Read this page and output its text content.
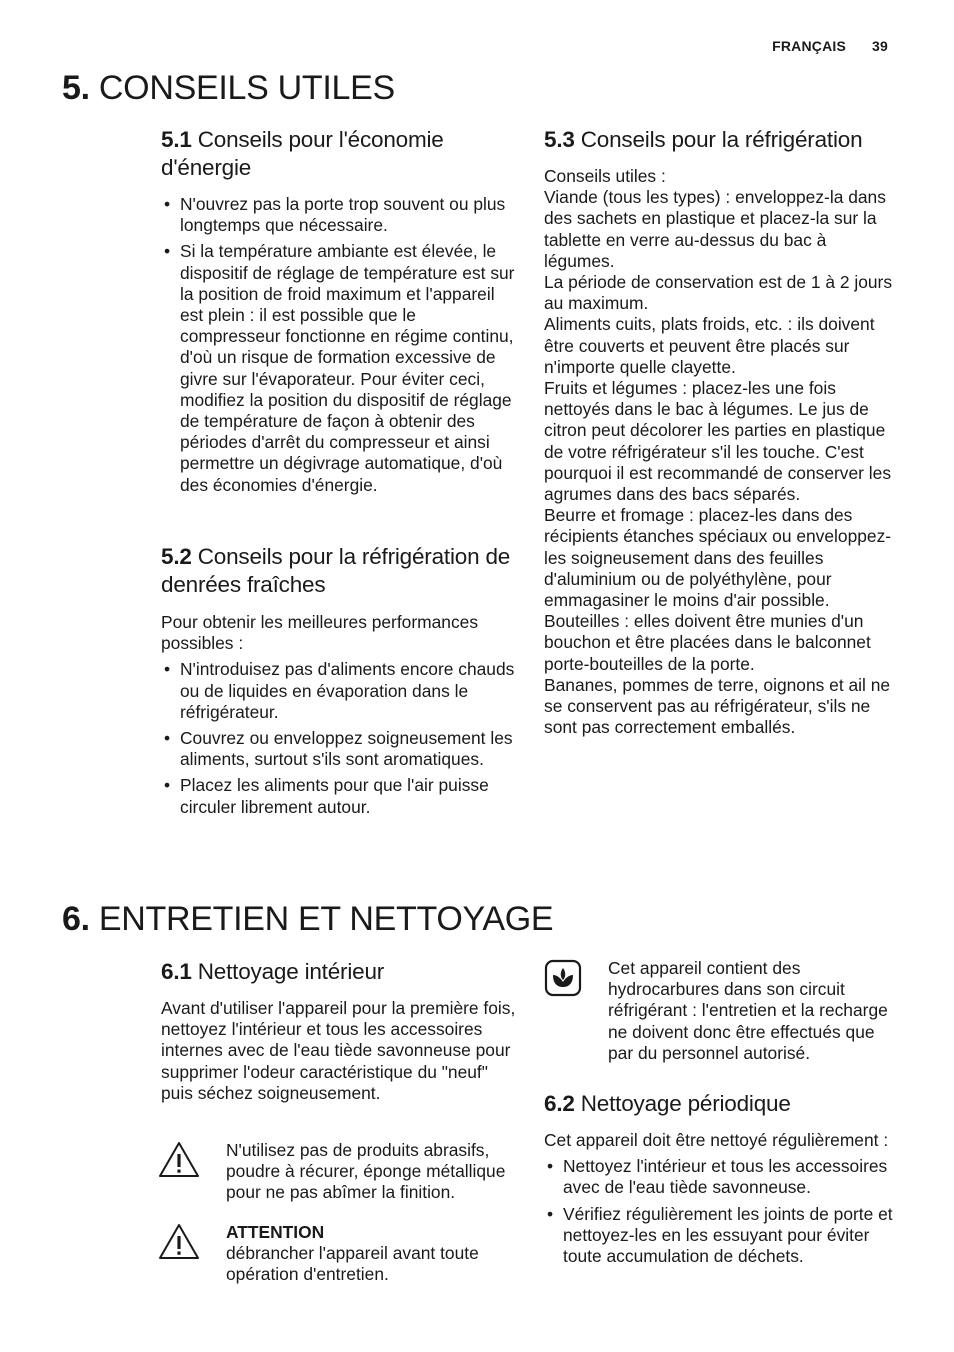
FRANÇAIS 39
5. CONSEILS UTILES
5.1 Conseils pour l'économie d'énergie
• N'ouvrez pas la porte trop souvent ou plus longtemps que nécessaire.
• Si la température ambiante est élevée, le dispositif de réglage de température est sur la position de froid maximum et l'appareil est plein : il est possible que le compresseur fonctionne en régime continu, d'où un risque de formation excessive de givre sur l'évaporateur. Pour éviter ceci, modifiez la position du dispositif de réglage de température de façon à obtenir des périodes d'arrêt du compresseur et ainsi permettre un dégivrage automatique, d'où des économies d'énergie.
5.2 Conseils pour la réfrigération de denrées fraîches

Pour obtenir les meilleures performances possibles :

• N'introduisez pas d'aliments encore chauds ou de liquides en évaporation dans le réfrigérateur.
• Couvrez ou enveloppez soigneusement les aliments, surtout s'ils sont aromatiques.
• Placez les aliments pour que l'air puisse circuler librement autour.
5.3 Conseils pour la réfrigération

Conseils utiles :

Viande (tous les types) : enveloppez-la dans des sachets en plastique et placez-la sur la tablette en verre au-dessus du bac à légumes.

La période de conservation est de 1 à 2 jours au maximum.

Aliments cuits, plats froids, etc. : ils doivent être couverts et peuvent être placés sur n'importe quelle clayette.

Fruits et légumes : placez-les une fois nettoyés dans le bac à légumes. Le jus de citron peut décolorer les parties en plastique de votre réfrigérateur s'il les touche. C'est pourquoi il est recommandé de conserver les agrumes dans des bacs séparés.

Beurre et fromage : placez-les dans des récipients étanches spéciaux ou enveloppez-les soigneusement dans des feuilles d'aluminium ou de polyéthylène, pour emmagasiner le moins d'air possible.

Bouteilles : elles doivent être munies d'un bouchon et être placées dans le balconnet porte-bouteilles de la porte.

Bananes, pommes de terre, oignons et ail ne se conservent pas au réfrigérateur, s'ils ne sont pas correctement emballés.

6. ENTRETIEN ET NETTOYAGE
6.1 Nettoyage intérieur

Avant d'utiliser l'appareil pour la première fois, nettoyez l'intérieur et tous les accessoires internes avec de l'eau tiède savonneuse pour supprimer l'odeur caractéristique du "neuf" puis séchez soigneusement.

N'utilisez pas de produits abrasifs, poudre à récurer, éponge métallique pour ne pas abîmer la finition.
ATTENTION
débrancher l'appareil avant toute opération d'entretien.
Cet appareil contient des hydrocarbures dans son circuit réfrigérant : l'entretien et la recharge ne doivent donc être effectués que par du personnel autorisé.
6.2 Nettoyage périodique

Cet appareil doit être nettoyé régulièrement :

• Nettoyez l'intérieur et tous les accessoires avec de l'eau tiède savonneuse.
• Vérifiez régulièrement les joints de porte et nettoyez-les en les essuyant pour éviter toute accumulation de déchets.
